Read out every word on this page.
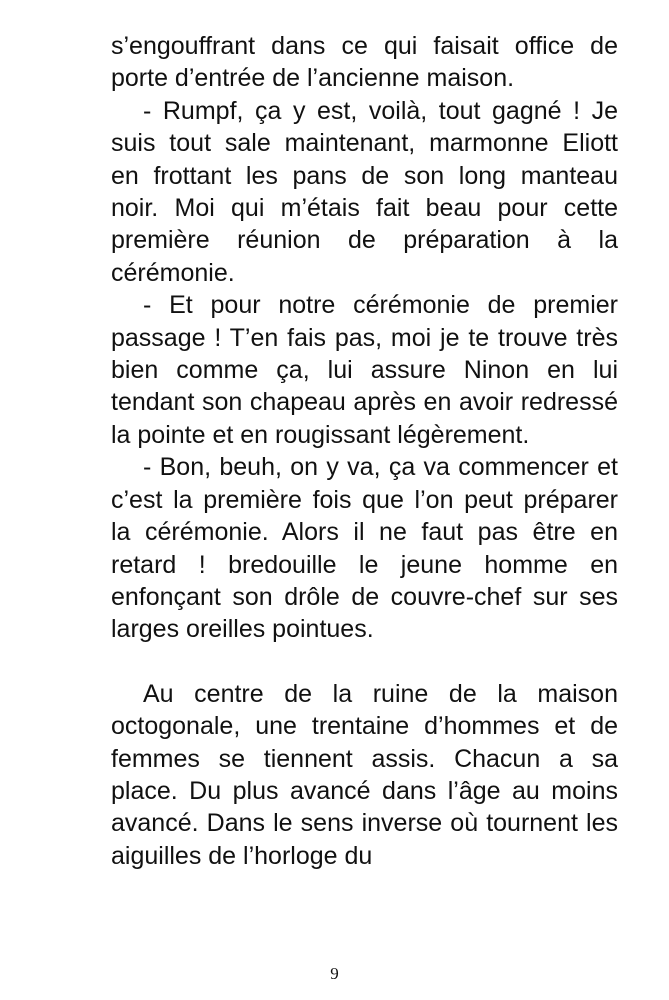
s’engouffrant dans ce qui faisait office de porte d’entrée de l’ancienne maison.

- Rumpf, ça y est, voilà, tout gagné ! Je suis tout sale maintenant, marmonne Eliott en frottant les pans de son long manteau noir. Moi qui m’étais fait beau pour cette première réunion de préparation à la cérémonie.

- Et pour notre cérémonie de premier passage ! T’en fais pas, moi je te trouve très bien comme ça, lui assure Ninon en lui tendant son chapeau après en avoir redressé la pointe et en rougissant légèrement.

- Bon, beuh, on y va, ça va commencer et c’est la première fois que l’on peut préparer la cérémonie. Alors il ne faut pas être en retard ! bredouille le jeune homme en enfonçant son drôle de couvre-chef sur ses larges oreilles pointues.

Au centre de la ruine de la maison octogonale, une trentaine d’hommes et de femmes se tiennent assis. Chacun a sa place. Du plus avancé dans l’âge au moins avancé. Dans le sens inverse où tournent les aiguilles de l’horloge du

9
